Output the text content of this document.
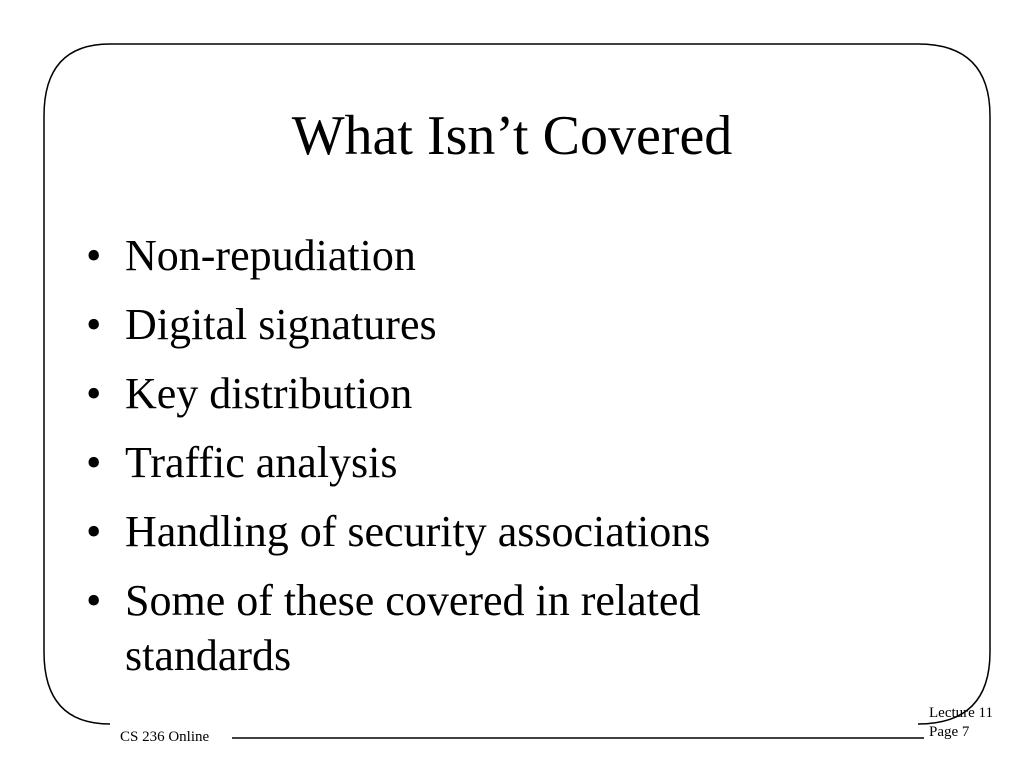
What Isn’t Covered
• Non-repudiation
• Digital signatures
• Key distribution
• Traffic analysis
• Handling of security associations
• Some of these covered in related standards
CS 236 Online
Lecture 11
Page 7
